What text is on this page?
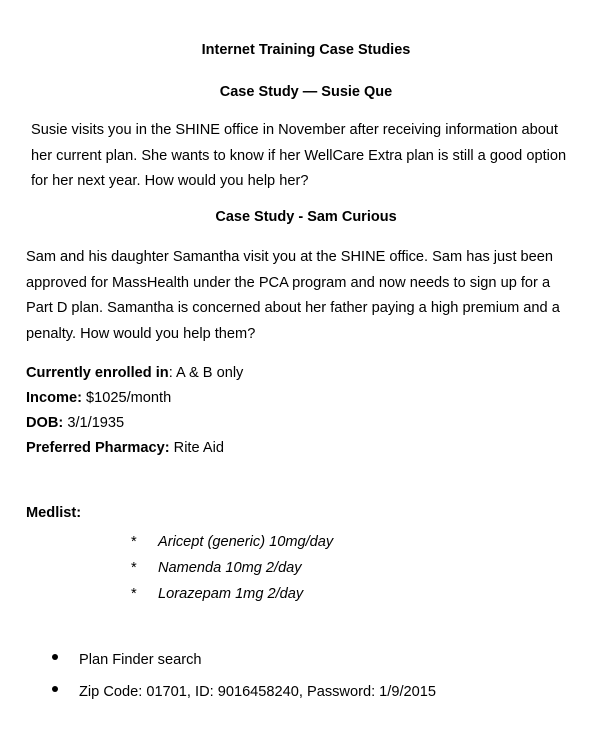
Internet Training Case Studies
Case Study — Susie Que

Susie visits you in the SHINE office in November after receiving information about
her current plan. She wants to know if her WellCare Extra plan is still a good option
for her next year. How would you help her?

Case Study - Sam Curious

Sam and his daughter Samantha visit you at the SHINE office. Sam has just been
approved for MassHealth under the PCA program and now needs to sign up for a
Part D plan. Samantha is concerned about her father paying a high premium and a
penalty. How would you help them?

Currently enrolled in: A & B only
Income: $1025/month
DOB: 3/1/1935
Preferred Pharmacy: Rite Aid
Medlist:
* Aricept (generic) 10mg/day
* Namenda 10mg 2/day
* Lorazepam 1mg 2/day
Plan Finder search
Zip Code: 01701, ID: 9016458240, Password: 1/9/2015
